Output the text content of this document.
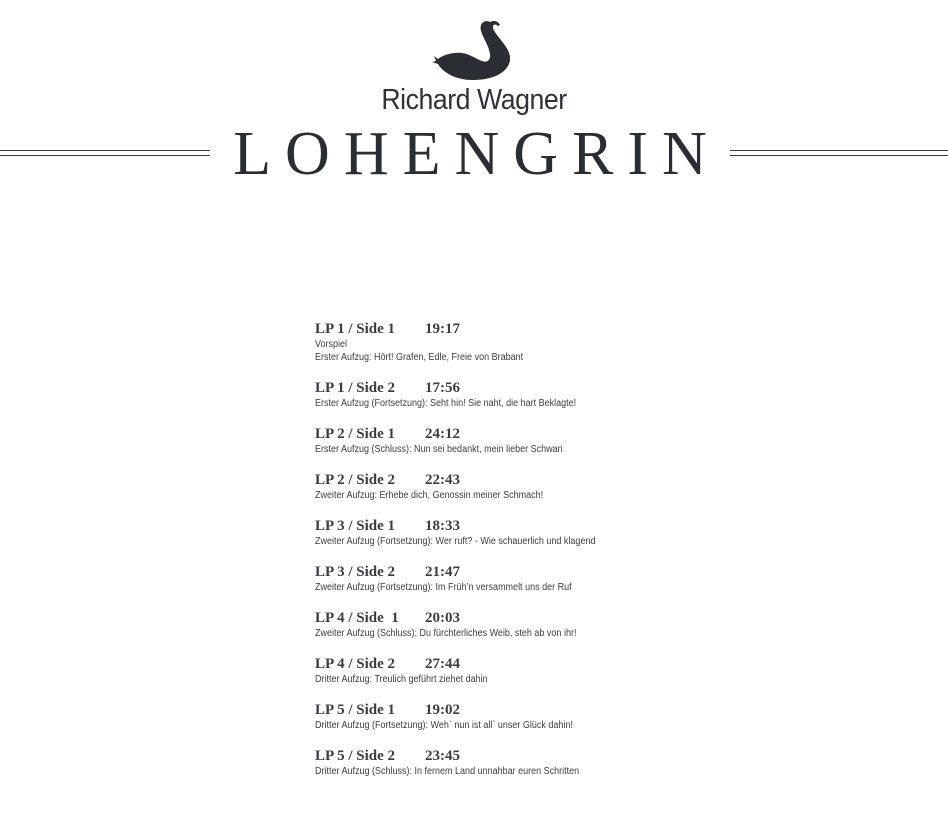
Richard Wagner
LOHENGRIN
LP 1 / Side 1 19:17
Vorspiel
Erster Aufzug: Hört! Grafen, Edle, Freie von Brabant
LP 1 / Side 2 17:56
Erster Aufzug (Fortsetzung): Seht hin! Sie naht, die hart Beklagte!
LP 2 / Side 1 24:12
Erster Aufzug (Schluss): Nun sei bedankt, mein lieber Schwan
LP 2 / Side 2 22:43
Zweiter Aufzug: Erhebe dich, Genossin meiner Schmach!
LP 3 / Side 1 18:33
Zweiter Aufzug (Fortsetzung): Wer ruft? - Wie schauerlich und klagend
LP 3 / Side 2 21:47
Zweiter Aufzug (Fortsetzung): Im Früh’n versammelt uns der Ruf
LP 4 / Side  1 20:03
Zweiter Aufzug (Schluss): Du fürchterliches Weib, steh ab von ihr!
LP 4 / Side 2 27:44
Dritter Aufzug: Treulich geführt ziehet dahin
LP 5 / Side 1 19:02
Dritter Aufzug (Fortsetzung): Weh` nun ist all` unser Glück dahin!
LP 5 / Side 2 23:45
Dritter Aufzug (Schluss): In fernem Land unnahbar euren Schritten
